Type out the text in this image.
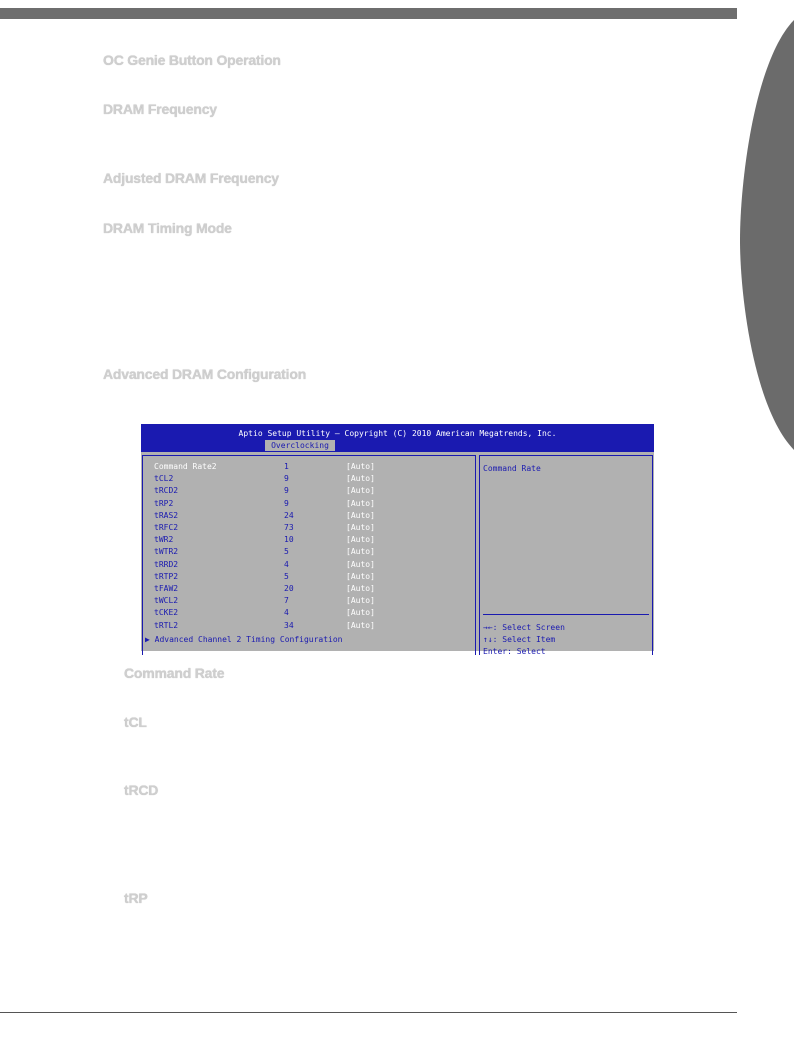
OC Genie Button Operation
DRAM Frequency
Adjusted DRAM Frequency
DRAM Timing Mode
Advanced DRAM Configuration
Aptio Setup Utility – Copyright (C) 2010 American Megatrends, Inc.
Overclocking
Command Rate2	1	[Auto]
tCL2	9	[Auto]
tRCD2	9	[Auto]
tRP2	9	[Auto]
tRAS2	24	[Auto]
tRFC2	73	[Auto]
tWR2	10	[Auto]
tWTR2	5	[Auto]
tRRD2	4	[Auto]
tRTP2	5	[Auto]
tFAW2	20	[Auto]
tWCL2	7	[Auto]
tCKE2	4	[Auto]
tRTL2	34	[Auto]
▶ Advanced Channel 2 Timing Configuration
Command Rate
→←: Select Screen
↑↓: Select Item
Enter: Select
Command Rate
tCL
tRCD
tRP
